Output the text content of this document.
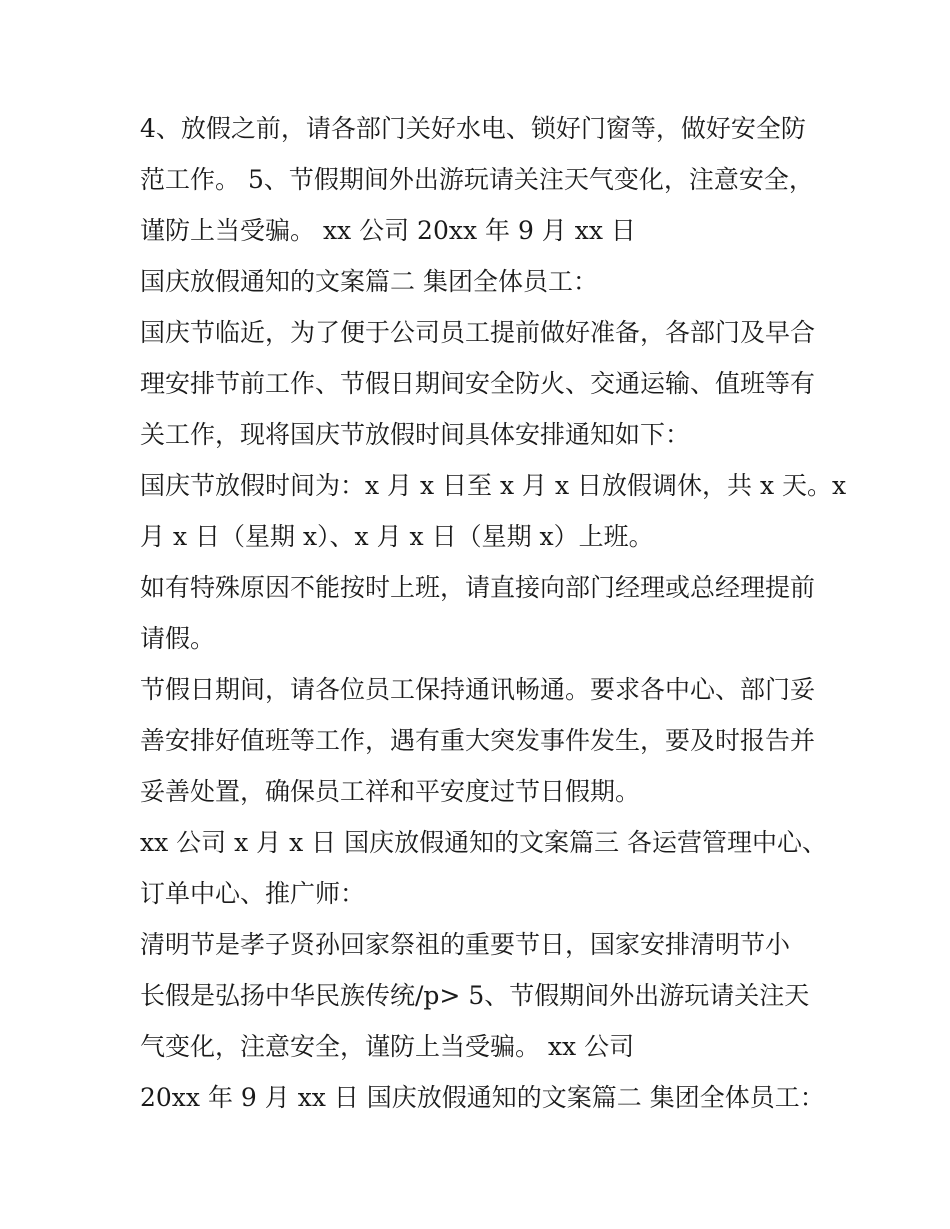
4、放假之前，请各部门关好水电、锁好门窗等，做好安全防
范工作。 5、节假期间外出游玩请关注天气变化，注意安全，
谨防上当受骗。 xx 公司 20xx 年 9 月 xx 日
国庆放假通知的文案篇二 集团全体员工：
国庆节临近，为了便于公司员工提前做好准备，各部门及早合
理安排节前工作、节假日期间安全防火、交通运输、值班等有
关工作，现将国庆节放假时间具体安排通知如下：
国庆节放假时间为：x 月 x 日至 x 月 x 日放假调休，共 x 天。x
月 x 日（星期 x）、x 月 x 日（星期 x）上班。
如有特殊原因不能按时上班，请直接向部门经理或总经理提前
请假。
节假日期间，请各位员工保持通讯畅通。要求各中心、部门妥
善安排好值班等工作，遇有重大突发事件发生，要及时报告并
妥善处置，确保员工祥和平安度过节日假期。
xx 公司 x 月 x 日 国庆放假通知的文案篇三 各运营管理中心、
订单中心、推广师：
清明节是孝子贤孙回家祭祖的重要节日，国家安排清明节小
长假是弘扬中华民族传统/p> 5、节假期间外出游玩请关注天
气变化，注意安全，谨防上当受骗。 xx 公司
20xx 年 9 月 xx 日 国庆放假通知的文案篇二 集团全体员工：
